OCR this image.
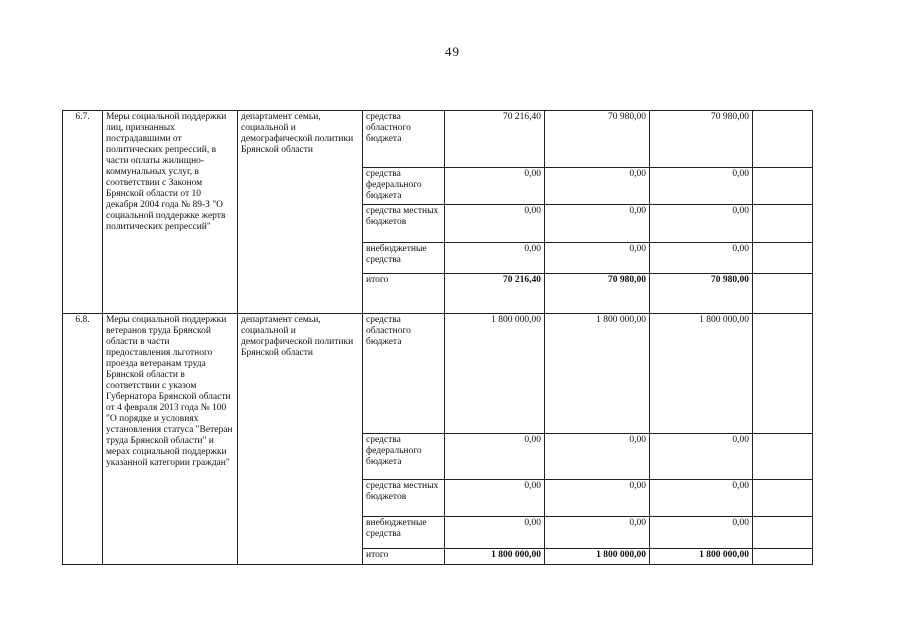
49
6.7.	Меры социальной поддержки лиц, признанных пострадавшими от политических репрессий, в части оплаты жилищно-коммунальных услуг, в соответствии с Законом Брянской области от 10 декабря 2004 года № 89-З "О социальной поддержке жертв политических репрессий"	департамент семьи, социальной и демографической политики Брянской области	средства областного бюджета	70 216,40	70 980,00	70 980,00	
			средства федерального бюджета	0,00	0,00	0,00	
			средства местных бюджетов	0,00	0,00	0,00	
			внебюджетные средства	0,00	0,00	0,00	
			итого	70 216,40	70 980,00	70 980,00	
6.8.	Меры социальной поддержки ветеранов труда Брянской области в части предоставления льготного проезда ветеранам труда Брянской области в соответствии с указом Губернатора Брянской области от 4 февраля 2013 года № 100 "О порядке и условиях установления статуса "Ветеран труда Брянской области" и мерах социальной поддержки указанной категории граждан"	департамент семьи, социальной и демографической политики Брянской области	средства областного бюджета	1 800 000,00	1 800 000,00	1 800 000,00	
			средства федерального бюджета	0,00	0,00	0,00	
			средства местных бюджетов	0,00	0,00	0,00	
			внебюджетные средства	0,00	0,00	0,00	
			итого	1 800 000,00	1 800 000,00	1 800 000,00	
